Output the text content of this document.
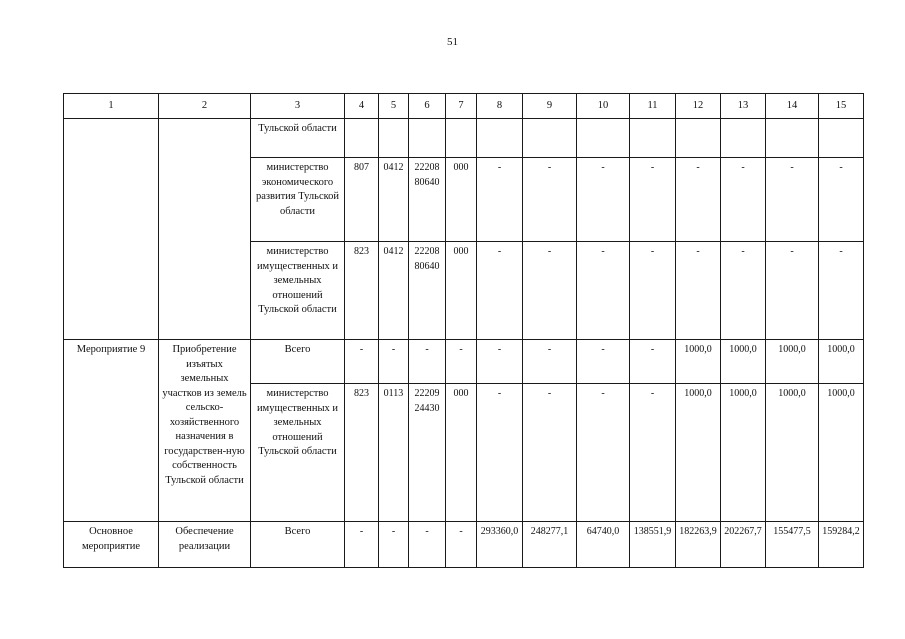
51
1	2	3	4	5	6	7	8	9	10	11	12	13	14	15
		Тульской области												
		министерство экономического развития Тульской области	807	0412	22208 80640	000	-	-	-	-	-	-	-	-
		министерство имущественных и земельных отношений Тульской области	823	0412	22208 80640	000	-	-	-	-	-	-	-	-
Мероприятие 9	Приобретение изъятых земельных участков из земель сельско-хозяйственного назначения в государствен-ную собственность Тульской области	Всего	-	-	-	-	-	-	-	-	1000,0	1000,0	1000,0	1000,0
		министерство имущественных и земельных отношений Тульской области	823	0113	22209 24430	000	-	-	-	-	1000,0	1000,0	1000,0	1000,0
Основное мероприятие	Обеспечение реализации	Всего	-	-	-	-	293360,0	248277,1	64740,0	138551,9	182263,9	202267,7	155477,5	159284,2
